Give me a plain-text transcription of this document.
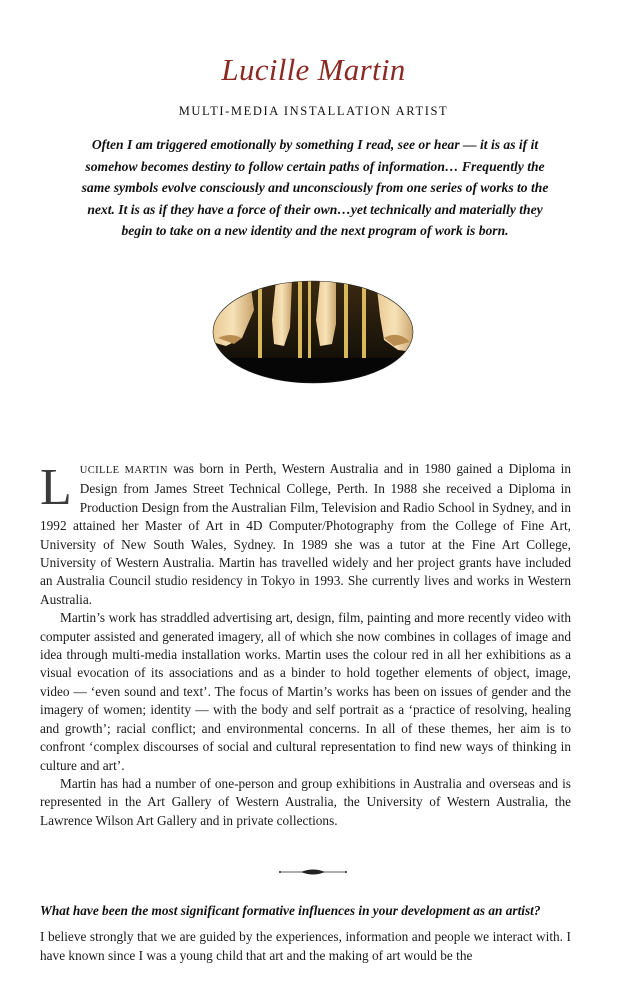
Lucille Martin
MULTI-MEDIA INSTALLATION ARTIST
Often I am triggered emotionally by something I read, see or hear — it is as if it somehow becomes destiny to follow certain paths of information… Frequently the same symbols evolve consciously and unconsciously from one series of works to the next. It is as if they have a force of their own…yet technically and materially they begin to take on a new identity and the next program of work is born.

LUCILLE MARTIN was born in Perth, Western Australia and in 1980 gained a Diploma in Design from James Street Technical College, Perth. In 1988 she received a Diploma in Production Design from the Australian Film, Television and Radio School in Sydney, and in 1992 attained her Master of Art in 4D Computer/Photography from the College of Fine Art, University of New South Wales, Sydney. In 1989 she was a tutor at the Fine Art College, University of Western Australia. Martin has travelled widely and her project grants have included an Australia Council studio residency in Tokyo in 1993. She currently lives and works in Western Australia.

Martin’s work has straddled advertising art, design, film, painting and more recently video with computer assisted and generated imagery, all of which she now combines in collages of image and idea through multi-media installation works. Martin uses the colour red in all her exhibitions as a visual evocation of its associations and as a binder to hold together elements of object, image, video — ‘even sound and text’. The focus of Martin’s works has been on issues of gender and the imagery of women; identity — with the body and self portrait as a ‘practice of resolving, healing and growth’; racial conflict; and environmental concerns. In all of these themes, her aim is to confront ‘complex discourses of social and cultural representation to find new ways of thinking in culture and art’.

Martin has had a number of one-person and group exhibitions in Australia and overseas and is represented in the Art Gallery of Western Australia, the University of Western Australia, the Lawrence Wilson Art Gallery and in private collections.

What have been the most significant formative influences in your development as an artist?
I believe strongly that we are guided by the experiences, information and people we interact with. I have known since I was a young child that art and the making of art would be the
